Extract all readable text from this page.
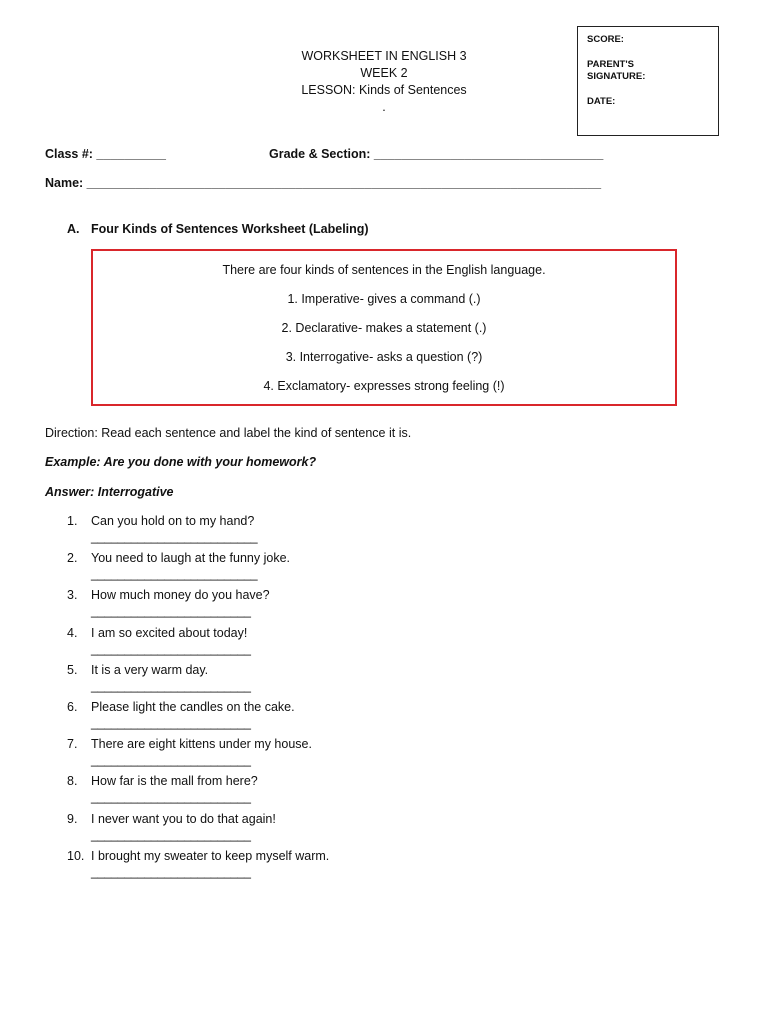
WORKSHEET IN ENGLISH 3
WEEK 2
LESSON: Kinds of Sentences
.
SCORE:
PARENT'S
SIGNATURE:
DATE:
Class #: __________	Grade & Section: _________________________________
Name: __________________________________________________________________________
A. Four Kinds of Sentences Worksheet (Labeling)
There are four kinds of sentences in the English language.
1. Imperative- gives a command (.)
2. Declarative- makes a statement (.)
3. Interrogative- asks a question (?)
4. Exclamatory- expresses strong feeling (!)
Direction: Read each sentence and label the kind of sentence it is.
Example: Are you done with your homework?
Answer: Interrogative
1. Can you hold on to my hand?
_________________________
2. You need to laugh at the funny joke.
_________________________
3. How much money do you have?
________________________
4. I am so excited about today!
________________________
5. It is a very warm day.
________________________
6. Please light the candles on the cake.
________________________
7. There are eight kittens under my house.
________________________
8. How far is the mall from here?
________________________
9. I never want you to do that again!
________________________
10. I brought my sweater to keep myself warm.
________________________
